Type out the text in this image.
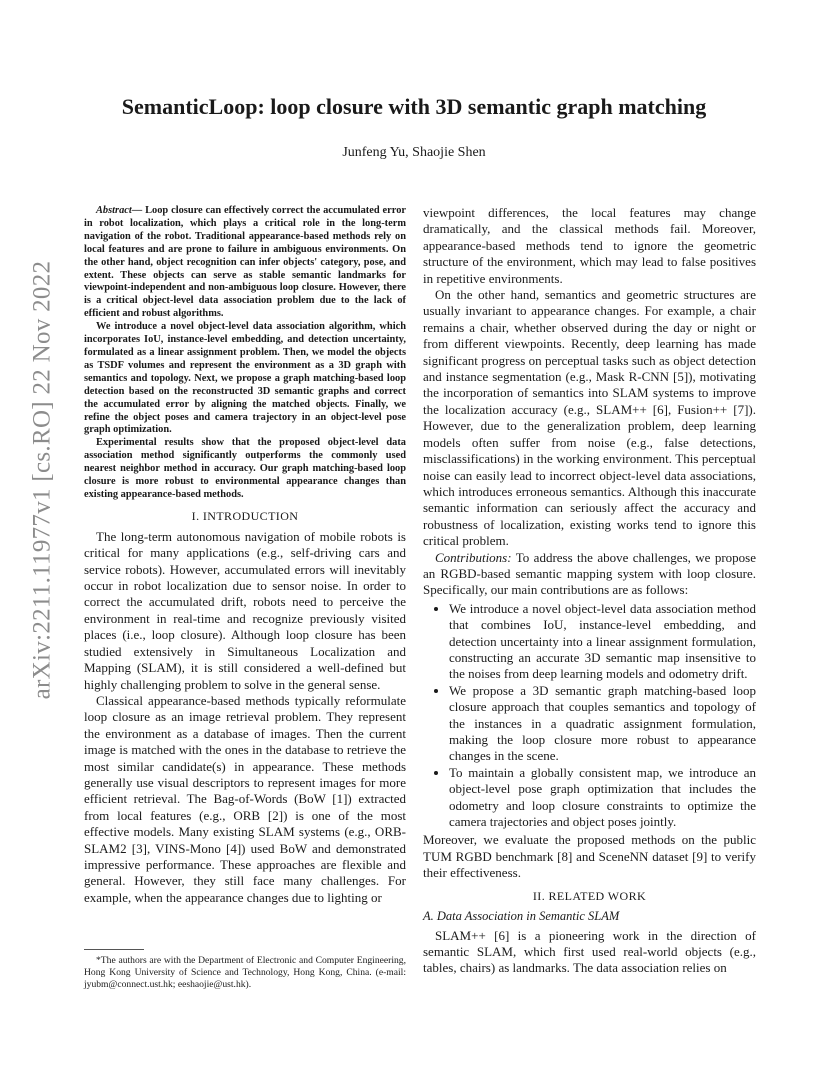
arXiv:2211.11977v1 [cs.RO] 22 Nov 2022
SemanticLoop: loop closure with 3D semantic graph matching
Junfeng Yu, Shaojie Shen

Abstract— Loop closure can effectively correct the accumulated error in robot localization, which plays a critical role in the long-term navigation of the robot. Traditional appearance-based methods rely on local features and are prone to failure in ambiguous environments. On the other hand, object recognition can infer objects' category, pose, and extent. These objects can serve as stable semantic landmarks for viewpoint-independent and non-ambiguous loop closure. However, there is a critical object-level data association problem due to the lack of efficient and robust algorithms.

We introduce a novel object-level data association algorithm, which incorporates IoU, instance-level embedding, and detection uncertainty, formulated as a linear assignment problem. Then, we model the objects as TSDF volumes and represent the environment as a 3D graph with semantics and topology. Next, we propose a graph matching-based loop detection based on the reconstructed 3D semantic graphs and correct the accumulated error by aligning the matched objects. Finally, we refine the object poses and camera trajectory in an object-level pose graph optimization.

Experimental results show that the proposed object-level data association method significantly outperforms the commonly used nearest neighbor method in accuracy. Our graph matching-based loop closure is more robust to environmental appearance changes than existing appearance-based methods.

I. INTRODUCTION

The long-term autonomous navigation of mobile robots is critical for many applications (e.g., self-driving cars and service robots). However, accumulated errors will inevitably occur in robot localization due to sensor noise. In order to correct the accumulated drift, robots need to perceive the environment in real-time and recognize previously visited places (i.e., loop closure). Although loop closure has been studied extensively in Simultaneous Localization and Mapping (SLAM), it is still considered a well-defined but highly challenging problem to solve in the general sense.

Classical appearance-based methods typically reformulate loop closure as an image retrieval problem. They represent the environment as a database of images. Then the current image is matched with the ones in the database to retrieve the most similar candidate(s) in appearance. These methods generally use visual descriptors to represent images for more efficient retrieval. The Bag-of-Words (BoW [1]) extracted from local features (e.g., ORB [2]) is one of the most effective models. Many existing SLAM systems (e.g., ORB-SLAM2 [3], VINS-Mono [4]) used BoW and demonstrated impressive performance. These approaches are flexible and general. However, they still face many challenges. For example, when the appearance changes due to lighting or

*The authors are with the Department of Electronic and Computer Engineering, Hong Kong University of Science and Technology, Hong Kong, China. (e-mail: jyubm@connect.ust.hk; eeshaojie@ust.hk).

viewpoint differences, the local features may change dramatically, and the classical methods fail. Moreover, appearance-based methods tend to ignore the geometric structure of the environment, which may lead to false positives in repetitive environments.

On the other hand, semantics and geometric structures are usually invariant to appearance changes. For example, a chair remains a chair, whether observed during the day or night or from different viewpoints. Recently, deep learning has made significant progress on perceptual tasks such as object detection and instance segmentation (e.g., Mask R-CNN [5]), motivating the incorporation of semantics into SLAM systems to improve the localization accuracy (e.g., SLAM++ [6], Fusion++ [7]). However, due to the generalization problem, deep learning models often suffer from noise (e.g., false detections, misclassifications) in the working environment. This perceptual noise can easily lead to incorrect object-level data associations, which introduces erroneous semantics. Although this inaccurate semantic information can seriously affect the accuracy and robustness of localization, existing works tend to ignore this critical problem.

Contributions: To address the above challenges, we propose an RGBD-based semantic mapping system with loop closure. Specifically, our main contributions are as follows:

• We introduce a novel object-level data association method that combines IoU, instance-level embedding, and detection uncertainty into a linear assignment formulation, constructing an accurate 3D semantic map insensitive to the noises from deep learning models and odometry drift.
• We propose a 3D semantic graph matching-based loop closure approach that couples semantics and topology of the instances in a quadratic assignment formulation, making the loop closure more robust to appearance changes in the scene.
• To maintain a globally consistent map, we introduce an object-level pose graph optimization that includes the odometry and loop closure constraints to optimize the camera trajectories and object poses jointly.

Moreover, we evaluate the proposed methods on the public TUM RGBD benchmark [8] and SceneNN dataset [9] to verify their effectiveness.

II. RELATED WORK
A. Data Association in Semantic SLAM

SLAM++ [6] is a pioneering work in the direction of semantic SLAM, which first used real-world objects (e.g., tables, chairs) as landmarks. The data association relies on
